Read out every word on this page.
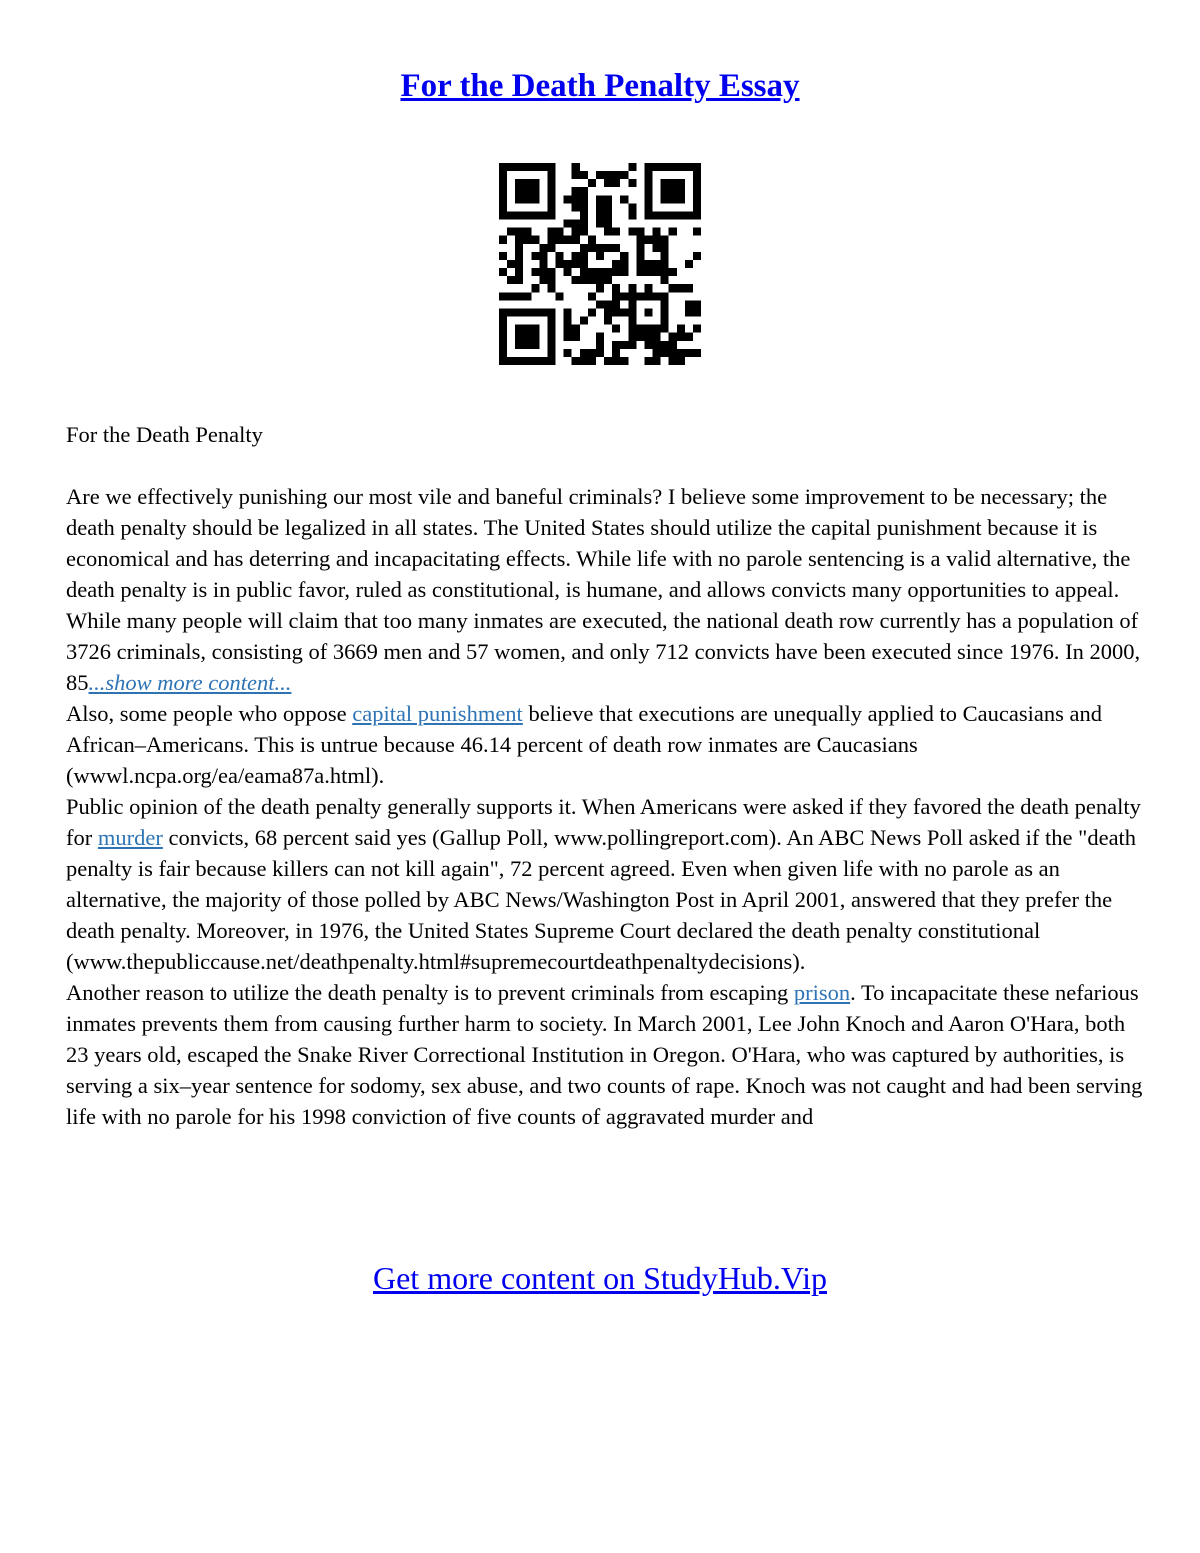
For the Death Penalty Essay

For the Death Penalty

Are we effectively punishing our most vile and baneful criminals? I believe some improvement to be necessary; the death penalty should be legalized in all states. The United States should utilize the capital punishment because it is economical and has deterring and incapacitating effects. While life with no parole sentencing is a valid alternative, the death penalty is in public favor, ruled as constitutional, is humane, and allows convicts many opportunities to appeal.

While many people will claim that too many inmates are executed, the national death row currently has a population of 3726 criminals, consisting of 3669 men and 57 women, and only 712 convicts have been executed since 1976. In 2000, 85...show more content...

Also, some people who oppose capital punishment believe that executions are unequally applied to Caucasians and African–Americans. This is untrue because 46.14 percent of death row inmates are Caucasians (wwwl.ncpa.org/ea/eama87a.html).

Public opinion of the death penalty generally supports it. When Americans were asked if they favored the death penalty for murder convicts, 68 percent said yes (Gallup Poll, www.pollingreport.com). An ABC News Poll asked if the "death penalty is fair because killers can not kill again", 72 percent agreed. Even when given life with no parole as an alternative, the majority of those polled by ABC News/Washington Post in April 2001, answered that they prefer the death penalty. Moreover, in 1976, the United States Supreme Court declared the death penalty constitutional (www.thepubliccause.net/deathpenalty.html#supremecourtdeathpenaltydecisions).

Another reason to utilize the death penalty is to prevent criminals from escaping prison. To incapacitate these nefarious inmates prevents them from causing further harm to society. In March 2001, Lee John Knoch and Aaron O'Hara, both 23 years old, escaped the Snake River Correctional Institution in Oregon. O'Hara, who was captured by authorities, is serving a six–year sentence for sodomy, sex abuse, and two counts of rape. Knoch was not caught and had been serving life with no parole for his 1998 conviction of five counts of aggravated murder and

Get more content on StudyHub.Vip
